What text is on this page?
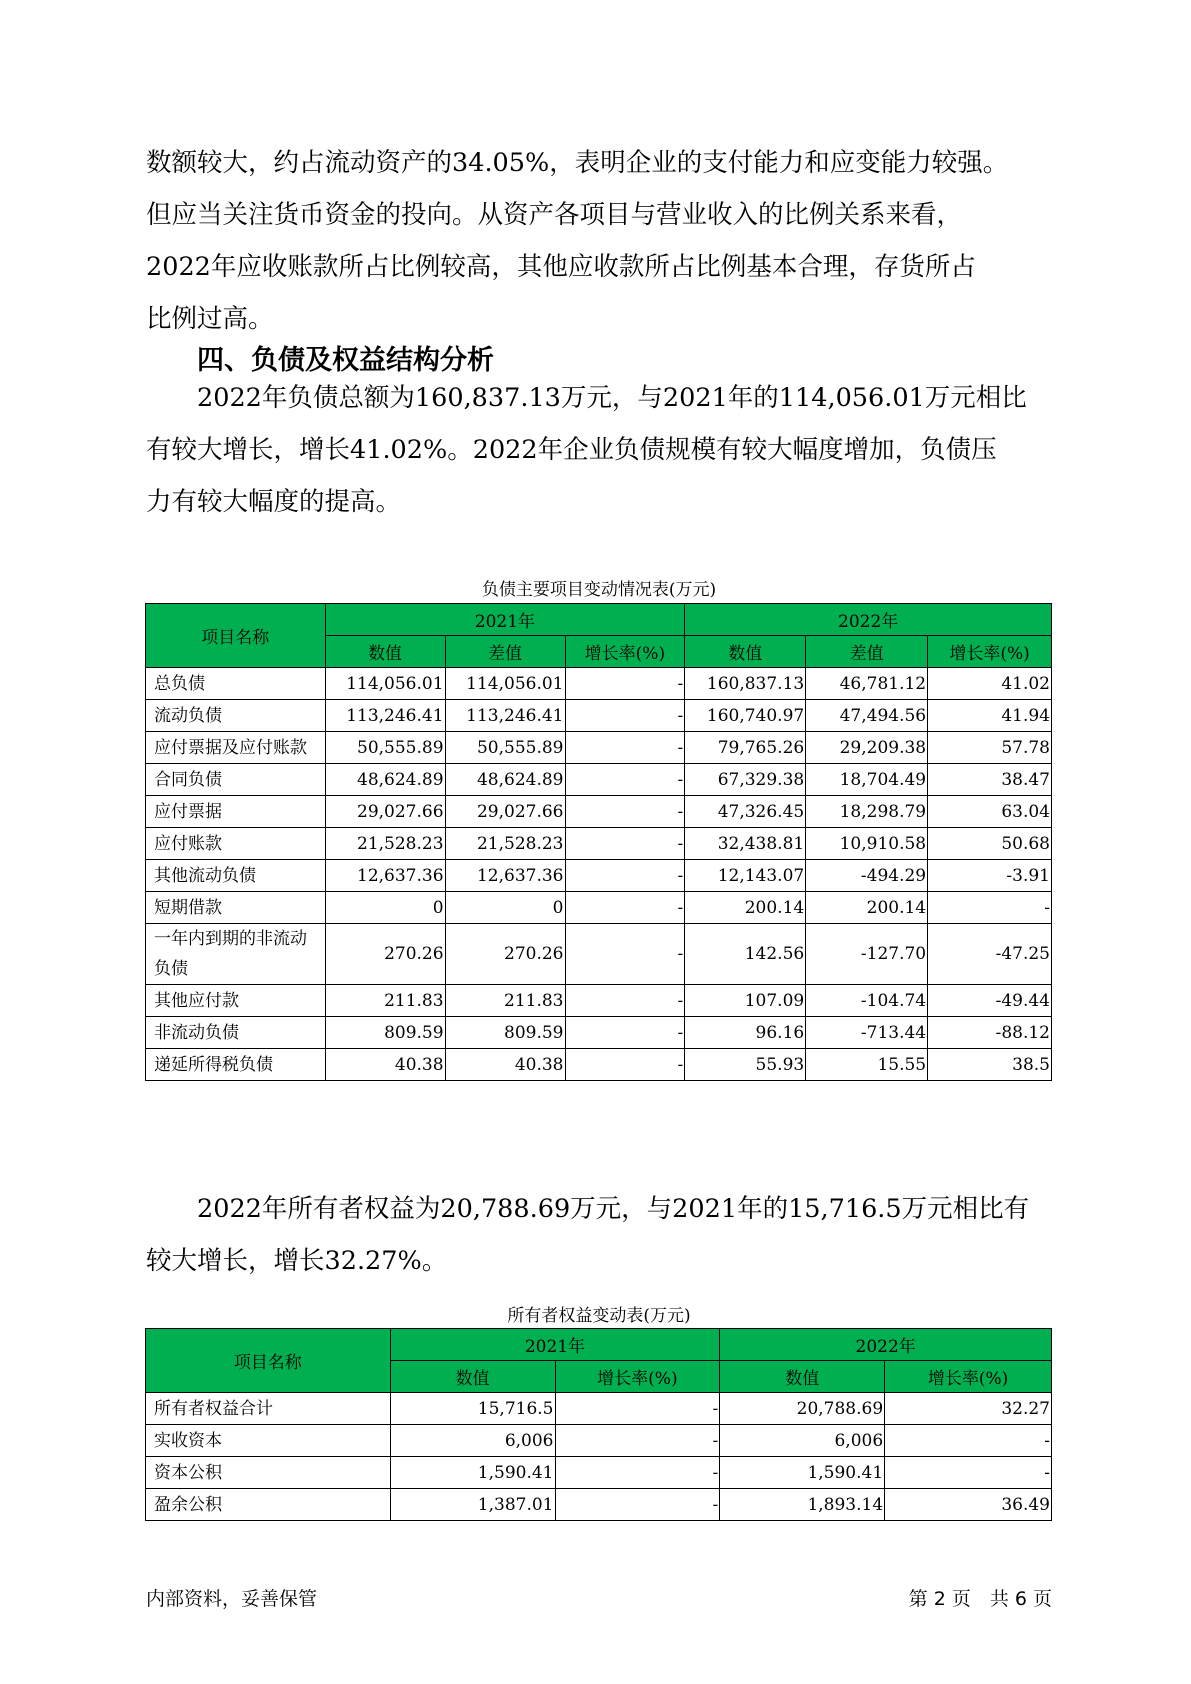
数额较大，约占流动资产的34.05%，表明企业的支付能力和应变能力较强。
但应当关注货币资金的投向。从资产各项目与营业收入的比例关系来看，
2022年应收账款所占比例较高，其他应收款所占比例基本合理，存货所占
比例过高。
四、负债及权益结构分析
2022年负债总额为160,837.13万元，与2021年的114,056.01万元相比
有较大增长，增长41.02%。2022年企业负债规模有较大幅度增加，负债压
力有较大幅度的提高。

负债主要项目变动情况表(万元)

项目名称	2021年			2022年		
	数值	差值	增长率(%)	数值	差值	增长率(%)
总负债	114,056.01	114,056.01	-	160,837.13	46,781.12	41.02
流动负债	113,246.41	113,246.41	-	160,740.97	47,494.56	41.94
应付票据及应付账款	50,555.89	50,555.89	-	79,765.26	29,209.38	57.78
合同负债	48,624.89	48,624.89	-	67,329.38	18,704.49	38.47
应付票据	29,027.66	29,027.66	-	47,326.45	18,298.79	63.04
应付账款	21,528.23	21,528.23	-	32,438.81	10,910.58	50.68
其他流动负债	12,637.36	12,637.36	-	12,143.07	-494.29	-3.91
短期借款	0	0	-	200.14	200.14	-
一年内到期的非流动负债	270.26	270.26	-	142.56	-127.70	-47.25
其他应付款	211.83	211.83	-	107.09	-104.74	-49.44
非流动负债	809.59	809.59	-	96.16	-713.44	-88.12
递延所得税负债	40.38	40.38	-	55.93	15.55	38.5
2022年所有者权益为20,788.69万元，与2021年的15,716.5万元相比有
较大增长，增长32.27%。

所有者权益变动表(万元)

项目名称	2021年		2022年	
	数值	增长率(%)	数值	增长率(%)
所有者权益合计	15,716.5	-	20,788.69	32.27
实收资本	6,006	-	6,006	-
资本公积	1,590.41	-	1,590.41	-
盈余公积	1,387.01	-	1,893.14	36.49
内部资料，妥善保管	第 2 页　共 6 页
